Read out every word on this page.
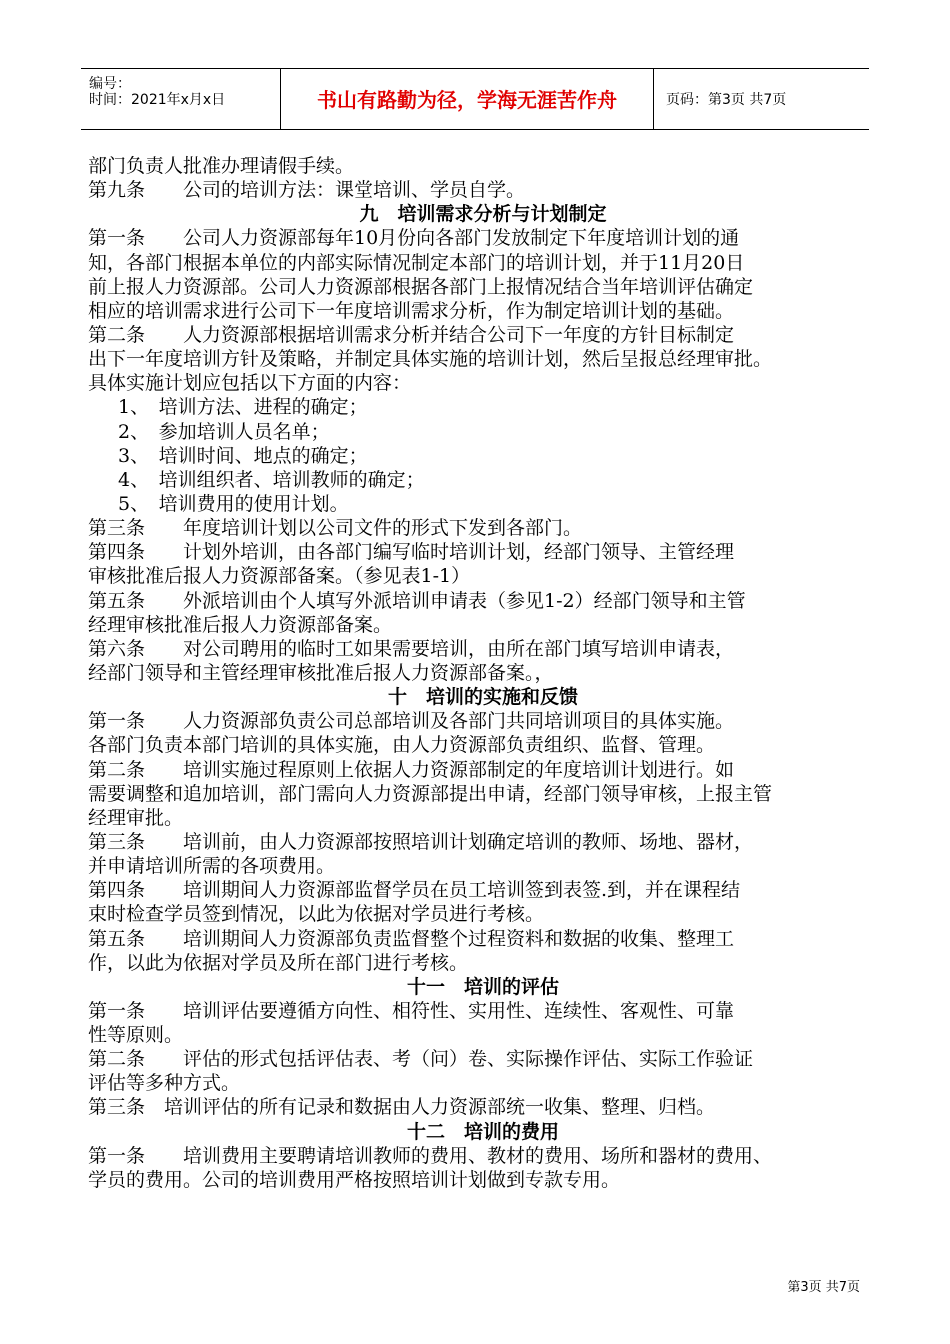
编号：
时间：2021年x月x日	书山有路勤为径，学海无涯苦作舟	页码：第3页 共7页
部门负责人批准办理请假手续。
第九条　　公司的培训方法：课堂培训、学员自学。
九　培训需求分析与计划制定
第一条　　公司人力资源部每年10月份向各部门发放制定下年度培训计划的通
知，各部门根据本单位的内部实际情况制定本部门的培训计划，并于11月20日
前上报人力资源部。公司人力资源部根据各部门上报情况结合当年培训评估确定
相应的培训需求进行公司下一年度培训需求分析，作为制定培训计划的基础。
第二条　　人力资源部根据培训需求分析并结合公司下一年度的方针目标制定
出下一年度培训方针及策略，并制定具体实施的培训计划，然后呈报总经理审批。
具体实施计划应包括以下方面的内容：
1、　培训方法、进程的确定；
2、　参加培训人员名单；
3、　培训时间、地点的确定；
4、　培训组织者、培训教师的确定；
5、　培训费用的使用计划。
第三条　　年度培训计划以公司文件的形式下发到各部门。
第四条　　计划外培训，由各部门编写临时培训计划，经部门领导、主管经理
审核批准后报人力资源部备案。（参见表1-1）
第五条　　外派培训由个人填写外派培训申请表（参见1-2）经部门领导和主管
经理审核批准后报人力资源部备案。
第六条　　对公司聘用的临时工如果需要培训，由所在部门填写培训申请表，
经部门领导和主管经理审核批准后报人力资源部备案。，
十　培训的实施和反馈
第一条　　人力资源部负责公司总部培训及各部门共同培训项目的具体实施。
各部门负责本部门培训的具体实施，由人力资源部负责组织、监督、管理。
第二条　　培训实施过程原则上依据人力资源部制定的年度培训计划进行。如
需要调整和追加培训，部门需向人力资源部提出申请，经部门领导审核，上报主管
经理审批。
第三条　　培训前，由人力资源部按照培训计划确定培训的教师、场地、器材，
并申请培训所需的各项费用。
第四条　　培训期间人力资源部监督学员在员工培训签到表签.到，并在课程结
束时检查学员签到情况，以此为依据对学员进行考核。
第五条　　培训期间人力资源部负责监督整个过程资料和数据的收集、整理工
作，以此为依据对学员及所在部门进行考核。
十一　培训的评估
第一条　　培训评估要遵循方向性、相符性、实用性、连续性、客观性、可靠
性等原则。
第二条　　评估的形式包括评估表、考（问）卷、实际操作评估、实际工作验证
评估等多种方式。
第三条　培训评估的所有记录和数据由人力资源部统一收集、整理、归档。
十二　培训的费用
第一条　　培训费用主要聘请培训教师的费用、教材的费用、场所和器材的费用、
学员的费用。公司的培训费用严格按照培训计划做到专款专用。
第3页 共7页
